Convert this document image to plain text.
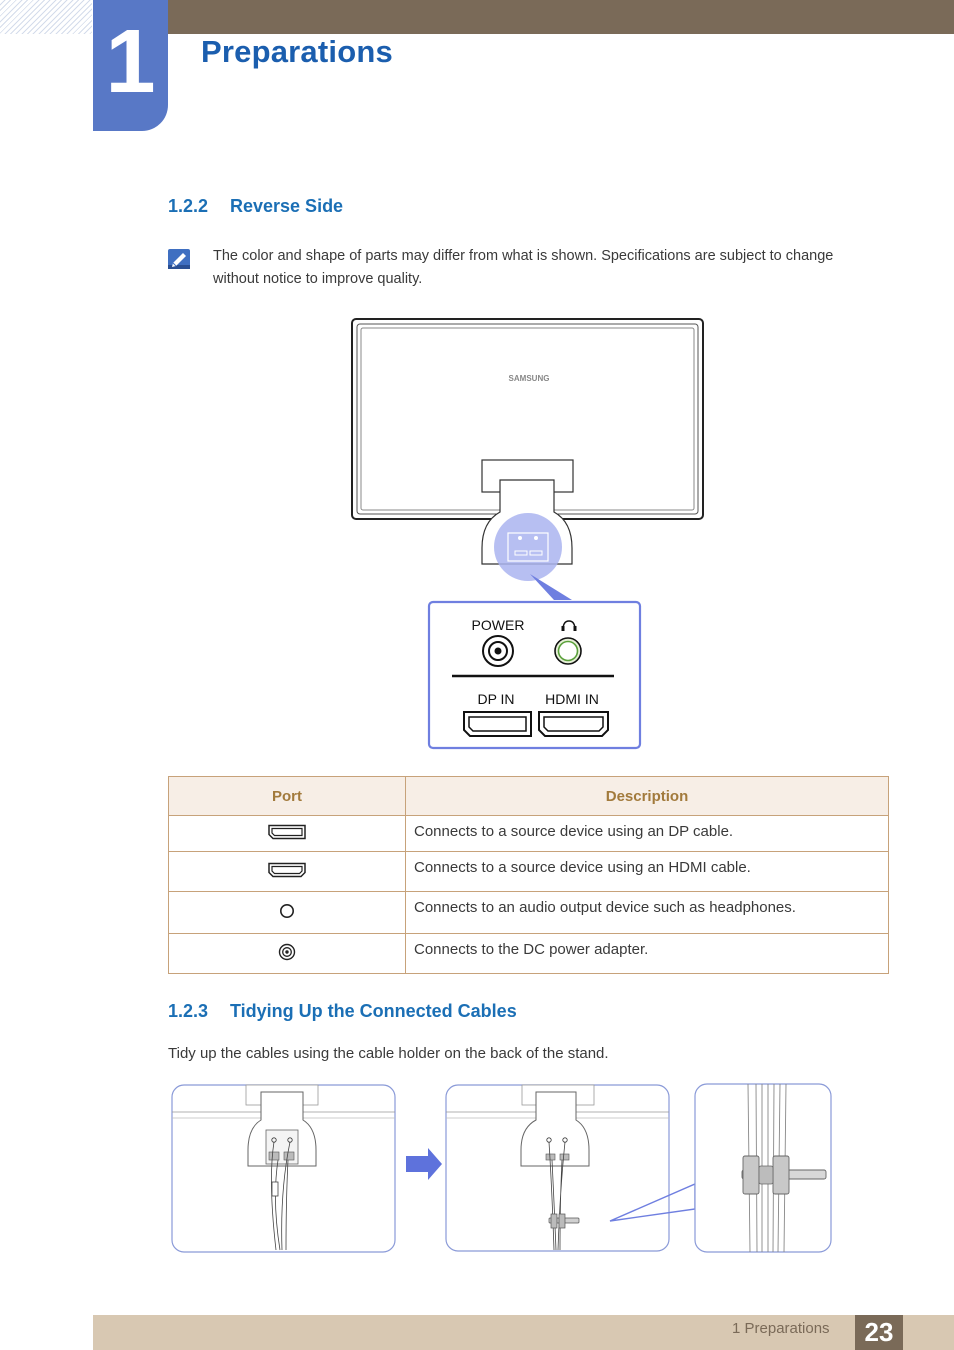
1	Preparations
1.2.2 Reverse Side
The color and shape of parts may differ from what is shown. Specifications are subject to change without notice to improve quality.
SAMSUNG
POWER
DP IN HDMI IN
Port	Description
	Connects to a source device using an DP cable.
	Connects to a source device using an HDMI cable.
	Connects to an audio output device such as headphones.
	Connects to the DC power adapter.
1.2.3 Tidying Up the Connected Cables
Tidy up the cables using the cable holder on the back of the stand.
1 Preparations	23
